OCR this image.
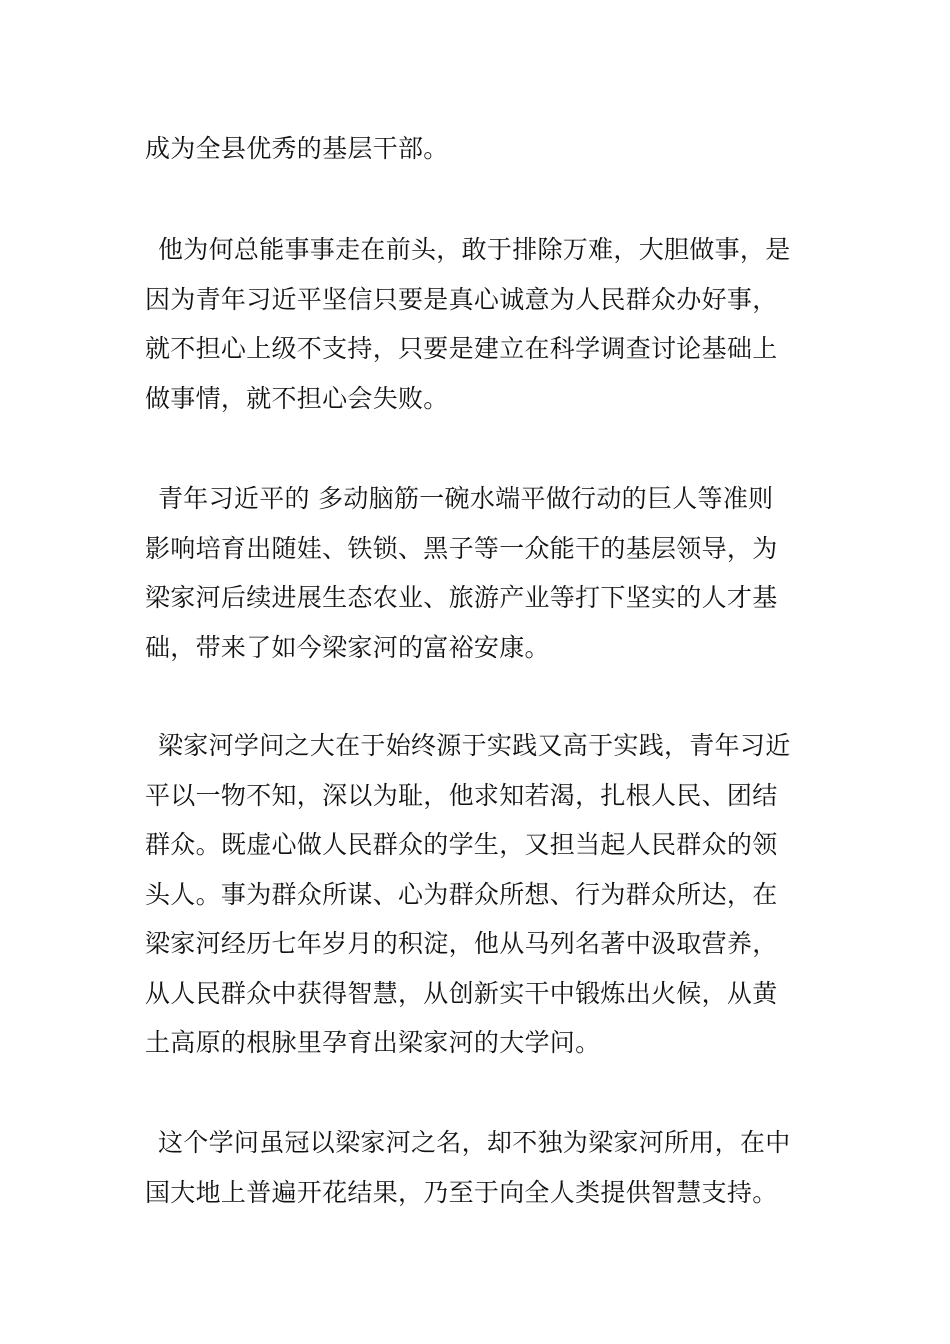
成为全县优秀的基层干部。

他为何总能事事走在前头，敢于排除万难，大胆做事，是
因为青年习近平坚信只要是真心诚意为人民群众办好事，
就不担心上级不支持，只要是建立在科学调查讨论基础上
做事情，就不担心会失败。

青年习近平的 多动脑筋一碗水端平做行动的巨人等准则
影响培育出随娃、铁锁、黑子等一众能干的基层领导，为
梁家河后续进展生态农业、旅游产业等打下坚实的人才基
础，带来了如今梁家河的富裕安康。

梁家河学问之大在于始终源于实践又高于实践，青年习近
平以一物不知，深以为耻，他求知若渴，扎根人民、团结
群众。既虚心做人民群众的学生，又担当起人民群众的领
头人。事为群众所谋、心为群众所想、行为群众所达，在
梁家河经历七年岁月的积淀，他从马列名著中汲取营养，
从人民群众中获得智慧，从创新实干中锻炼出火候，从黄
土高原的根脉里孕育出梁家河的大学问。

这个学问虽冠以梁家河之名，却不独为梁家河所用，在中
国大地上普遍开花结果，乃至于向全人类提供智慧支持。
